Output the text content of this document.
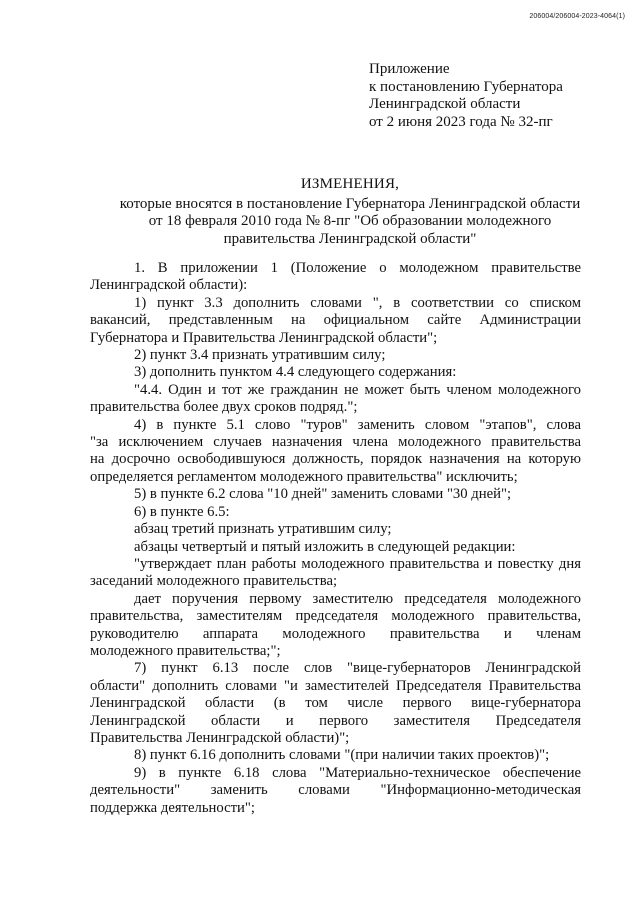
206004/206004-2023-4064(1)
Приложение
к постановлению Губернатора
Ленинградской области
от 2 июня 2023 года № 32-пг
ИЗМЕНЕНИЯ,
которые вносятся в постановление Губернатора Ленинградской области
от 18 февраля 2010 года № 8-пг "Об образовании молодежного
правительства Ленинградской области"

1. В приложении 1 (Положение о молодежном правительстве

Ленинградской области):

1) пункт 3.3 дополнить словами ", в соответствии со списком

вакансий, представленным на официальном сайте Администрации

Губернатора и Правительства Ленинградской области";

2) пункт 3.4 признать утратившим силу;

3) дополнить пунктом 4.4 следующего содержания:

"4.4. Один и тот же гражданин не может быть членом молодежного

правительства более двух сроков подряд.";

4) в пункте 5.1 слово "туров" заменить словом "этапов", слова

"за исключением случаев назначения члена молодежного правительства

на досрочно освободившуюся должность, порядок назначения на которую

определяется регламентом молодежного правительства" исключить;

5) в пункте 6.2 слова "10 дней" заменить словами "30 дней";

6) в пункте 6.5:

абзац третий признать утратившим силу;

абзацы четвертый и пятый изложить в следующей редакции:

"утверждает план работы молодежного правительства и повестку дня

заседаний молодежного правительства;

дает поручения первому заместителю председателя молодежного

правительства, заместителям председателя молодежного правительства,

руководителю аппарата молодежного правительства и членам

молодежного правительства;";

7) пункт 6.13 после слов "вице-губернаторов Ленинградской

области" дополнить словами "и заместителей Председателя Правительства

Ленинградской области (в том числе первого вице-губернатора

Ленинградской области и первого заместителя Председателя

Правительства Ленинградской области)";

8) пункт 6.16 дополнить словами "(при наличии таких проектов)";

9) в пункте 6.18 слова "Материально-техническое обеспечение

деятельности" заменить словами "Информационно-методическая

поддержка деятельности";
